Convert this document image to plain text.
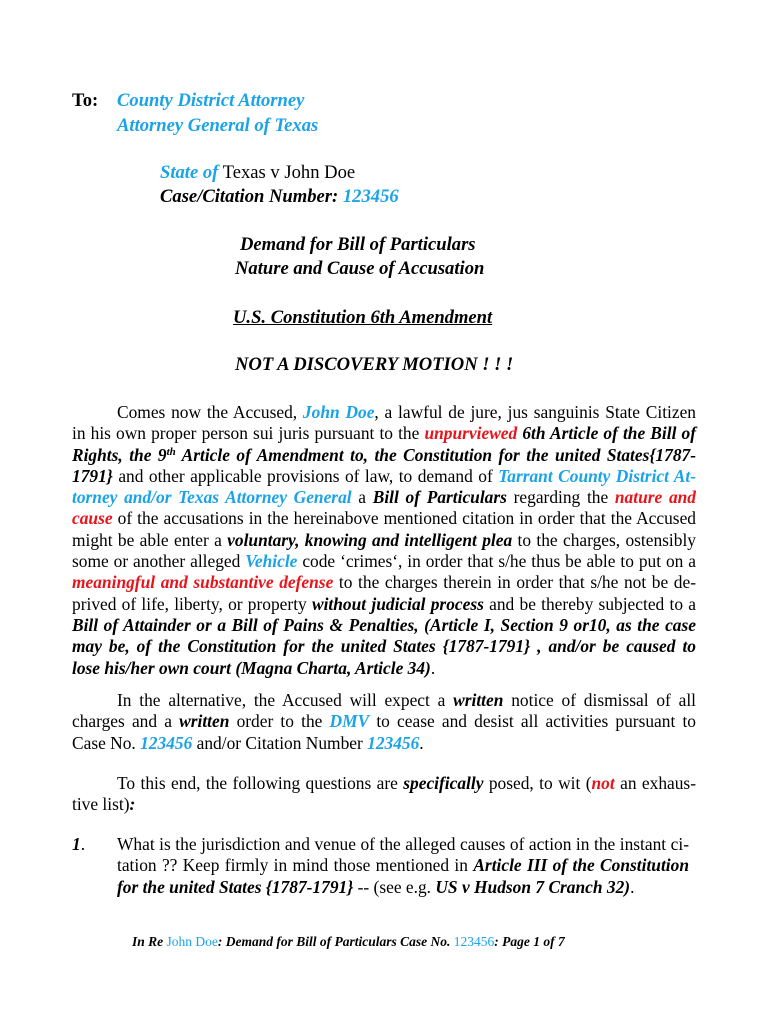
To: County District Attorney
Attorney General of Texas
State of Texas v John Doe
Case/Citation Number: 123456
Demand for Bill of Particulars
Nature and Cause of Accusation
U.S. Constitution 6th Amendment
NOT A DISCOVERY MOTION ! ! !
Comes now the Accused, John Doe, a lawful de jure, jus sanguinis State Citizen
in his own proper person sui juris pursuant to the unpurviewed 6th Article of the Bill of
Rights, the 9th Article of Amendment to, the Constitution for the united States{1787-
1791} and other applicable provisions of law, to demand of Tarrant County District At-
torney and/or Texas Attorney General a Bill of Particulars regarding the nature and
cause of the accusations in the hereinabove mentioned citation in order that the Accused
might be able enter a voluntary, knowing and intelligent plea to the charges, ostensibly
some or another alleged Vehicle code ‘crimes‘, in order that s/he thus be able to put on a
meaningful and substantive defense to the charges therein in order that s/he not be de-
prived of life, liberty, or property without judicial process and be thereby subjected to a
Bill of Attainder or a Bill of Pains & Penalties, (Article I, Section 9 or10, as the case
may be, of the Constitution for the united States {1787-1791} , and/or be caused to
lose his/her own court (Magna Charta, Article 34).
In the alternative, the Accused will expect a written notice of dismissal of all
charges and a written order to the DMV to cease and desist all activities pursuant to
Case No. 123456 and/or Citation Number 123456.
To this end, the following questions are specifically posed, to wit (not an exhaus-
tive list):
1. What is the jurisdiction and venue of the alleged causes of action in the instant ci-
tation ?? Keep firmly in mind those mentioned in Article III of the Constitution
for the united States {1787-1791} -- (see e.g. US v Hudson 7 Cranch 32).
In Re John Doe: Demand for Bill of Particulars Case No. 123456: Page 1 of 7
